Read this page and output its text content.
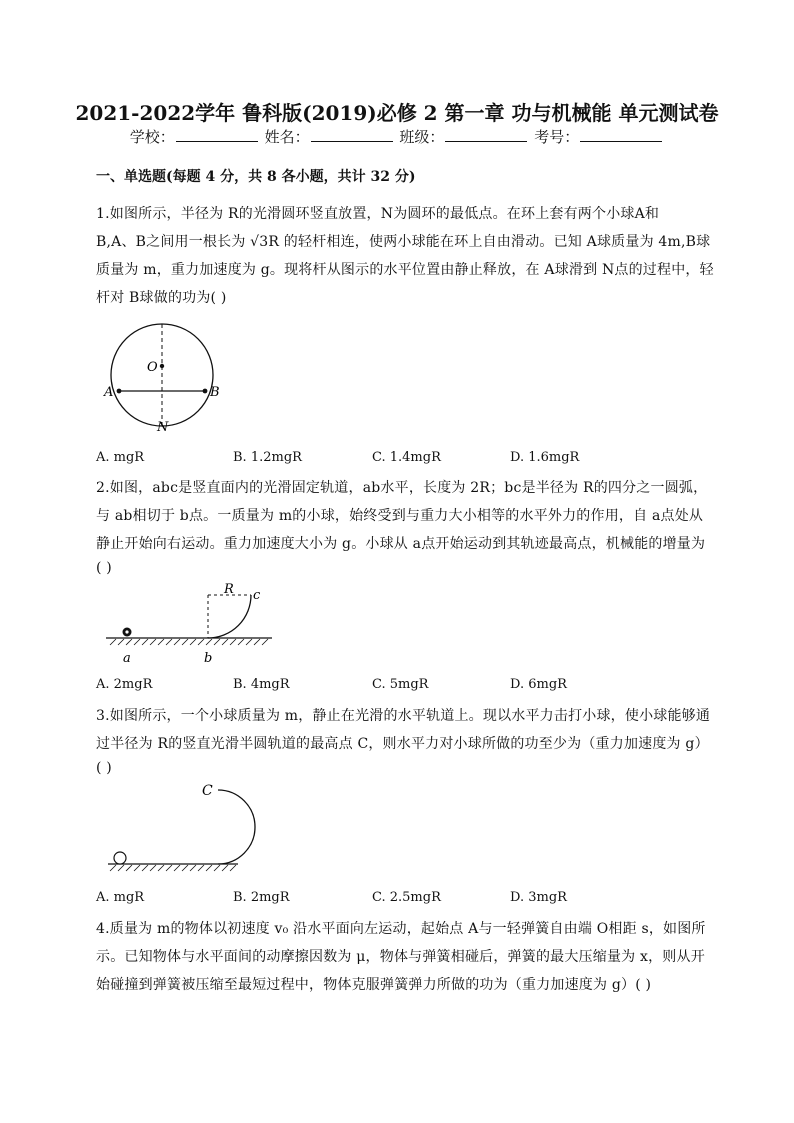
2021-2022学年 鲁科版(2019)必修 2 第一章 功与机械能 单元测试卷
学校：	姓名：	班级：	考号：
一、单选题(每题 4 分，共 8 各小题，共计 32 分)
1.如图所示，半径为 R的光滑圆环竖直放置，N为圆环的最低点。在环上套有两个小球A和
B,A、B之间用一根长为 √3R 的轻杆相连，使两小球能在环上自由滑动。已知 A球质量为 4m,B球
质量为 m，重力加速度为 g。现将杆从图示的水平位置由静止释放，在 A球滑到 N点的过程中，轻
杆对 B球做的功为( )
O
A	B
N
A. mgR	B. 1.2mgR	C. 1.4mgR	D. 1.6mgR
2.如图，abc是竖直面内的光滑固定轨道，ab水平，长度为 2R；bc是半径为 R的四分之一圆弧，
与 ab相切于 b点。一质量为 m的小球，始终受到与重力大小相等的水平外力的作用，自 a点处从
静止开始向右运动。重力加速度大小为 g。小球从 a点开始运动到其轨迹最高点，机械能的增量为
( )
R c
a	b
A. 2mgR	B. 4mgR	C. 5mgR	D. 6mgR
3.如图所示，一个小球质量为 m，静止在光滑的水平轨道上。现以水平力击打小球，使小球能够通
过半径为 R的竖直光滑半圆轨道的最高点 C，则水平力对小球所做的功至少为（重力加速度为 g）
( )
C
A. mgR	B. 2mgR	C. 2.5mgR	D. 3mgR
4.质量为 m的物体以初速度 v₀ 沿水平面向左运动，起始点 A与一轻弹簧自由端 O相距 s，如图所
示。已知物体与水平面间的动摩擦因数为 μ，物体与弹簧相碰后，弹簧的最大压缩量为 x，则从开
始碰撞到弹簧被压缩至最短过程中，物体克服弹簧弹力所做的功为（重力加速度为 g）( )
